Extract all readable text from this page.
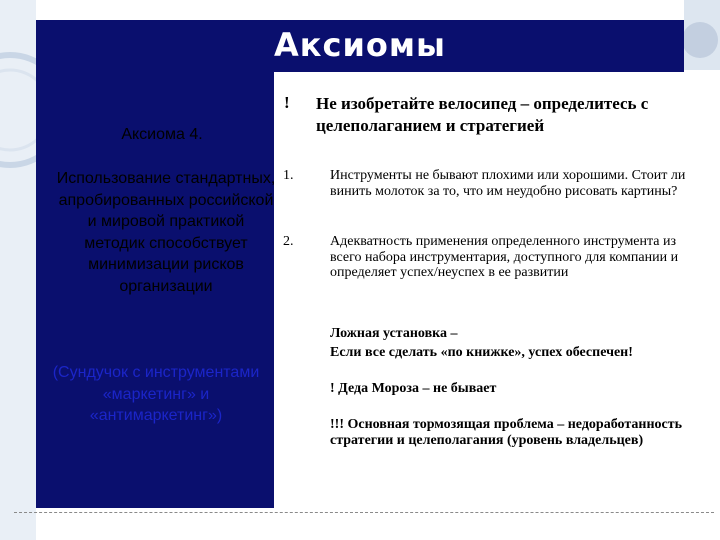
Аксиомы
Аксиома 4.
Использование стандартных, апробированных российской и мировой практикой методик способствует минимизации рисков организации
(Сундучок с инструментами «маркетинг» и «антимаркетинг»)
! Не изобретайте велосипед – определитесь с целеполаганием и стратегией
1.	Инструменты не бывают плохими или хорошими. Стоит ли винить молоток за то, что им неудобно рисовать картины?
2.	Адекватность применения определенного инструмента из всего набора инструментария, доступного для компании и определяет успех/неуспех в ее развитии
Ложная установка –
Если все сделать «по книжке», успех обеспечен!
! Деда Мороза – не бывает
!!! Основная тормозящая проблема – недоработанность стратегии и целеполагания (уровень владельцев)
